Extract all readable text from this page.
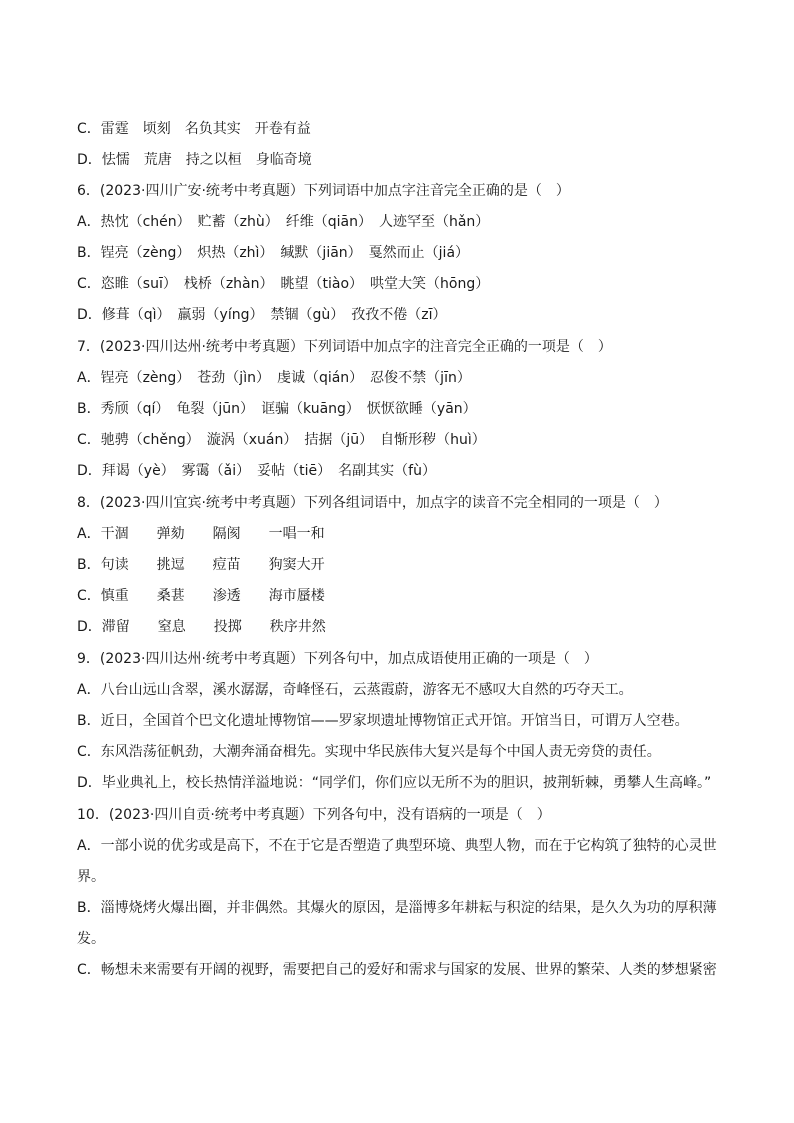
C．雷霆　顷刻　名负其实　开卷有益
D．怯懦　荒唐　持之以桓　身临奇境
6．(2023·四川广安·统考中考真题）下列词语中加点字注音完全正确的是（　）
A．热忱（chén）　贮蓄（zhù）　纤维（qiān）　人迹罕至（hǎn）
B．锃亮（zèng）　炽热（zhì）　缄默（jiān）　戛然而止（jiá）
C．恣睢（suī）　栈桥（zhàn）　眺望（tiào）　哄堂大笑（hōng）
D．修葺（qì）　羸弱（yíng）　禁锢（gù）　孜孜不倦（zī）
7．(2023·四川达州·统考中考真题）下列词语中加点字的注音完全正确的一项是（　）
A．锃亮（zèng）　苍劲（jìn）　虔诚（qián）　忍俊不禁（jīn）
B．秀颀（qí）　龟裂（jūn）　诓骗（kuāng）　恹恹欲睡（yān）
C．驰骋（chěng）　漩涡（xuán）　拮据（jū）　自惭形秽（huì）
D．拜谒（yè）　雾霭（ǎi）　妥帖（tiē）　名副其实（fù）
8．(2023·四川宜宾·统考中考真题）下列各组词语中，加点字的读音不完全相同的一项是（　）
A．干涸　　弹劾　　隔阂　　一唱一和
B．句读　　挑逗　　痘苗　　狗窦大开
C．慎重　　桑葚　　渗透　　海市蜃楼
D．滞留　　窒息　　投掷　　秩序井然
9．(2023·四川达州·统考中考真题）下列各句中，加点成语使用正确的一项是（　）
A．八台山远山含翠，溪水潺潺，奇峰怪石，云蒸霞蔚，游客无不感叹大自然的巧夺天工。
B．近日，全国首个巴文化遗址博物馆——罗家坝遗址博物馆正式开馆。开馆当日，可谓万人空巷。
C．东风浩荡征帆劲，大潮奔涌奋楫先。实现中华民族伟大复兴是每个中国人责无旁贷的责任。
D．毕业典礼上，校长热情洋溢地说：“同学们，你们应以无所不为的胆识，披荆斩棘，勇攀人生高峰。”
10．(2023·四川自贡·统考中考真题）下列各句中，没有语病的一项是（　）
A．一部小说的优劣或是高下，不在于它是否塑造了典型环境、典型人物，而在于它构筑了独特的心灵世
界。
B．淄博烧烤火爆出圈，并非偶然。其爆火的原因，是淄博多年耕耘与积淀的结果，是久久为功的厚积薄
发。
C．畅想未来需要有开阔的视野，需要把自己的爱好和需求与国家的发展、世界的繁荣、人类的梦想紧密
